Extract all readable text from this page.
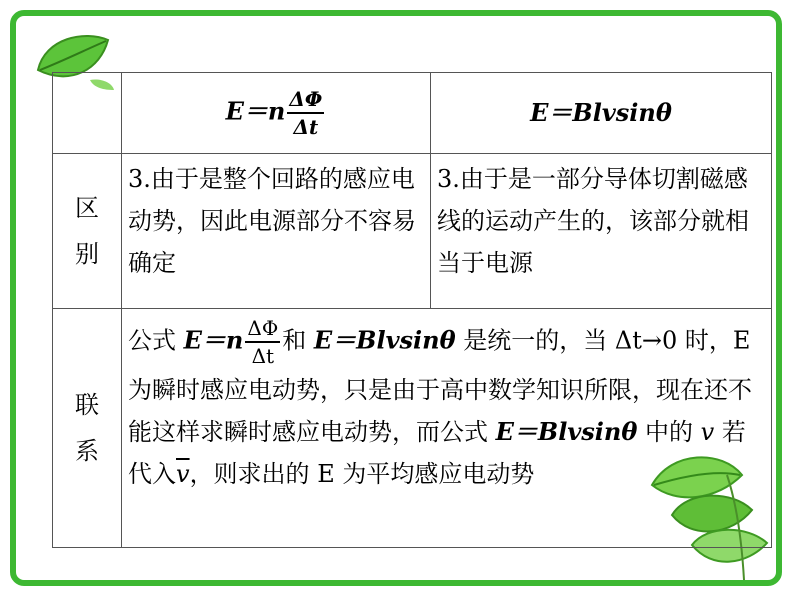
	$E=n \frac{\Delta\Phi}{\Delta t}$	E＝Blvsinθ

区
别	3.由于是整个回路的感应电动势，因此电源部分不容易确定	3.由于是一部分导体切割磁感线的运动产生的，该部分就相当于电源

联
系	公式 $E=n \frac{\Delta\Phi}{\Delta t}$ 和 E＝Blvsinθ 是统一的，当 Δt→0 时，E 为瞬时感应电动势，只是由于高中数学知识所限，现在还不能这样求瞬时感应电动势，而公式 E＝Blvsinθ 中的 v 若代入$\overline{v}$，则求出的 E 为平均感应电动势	
